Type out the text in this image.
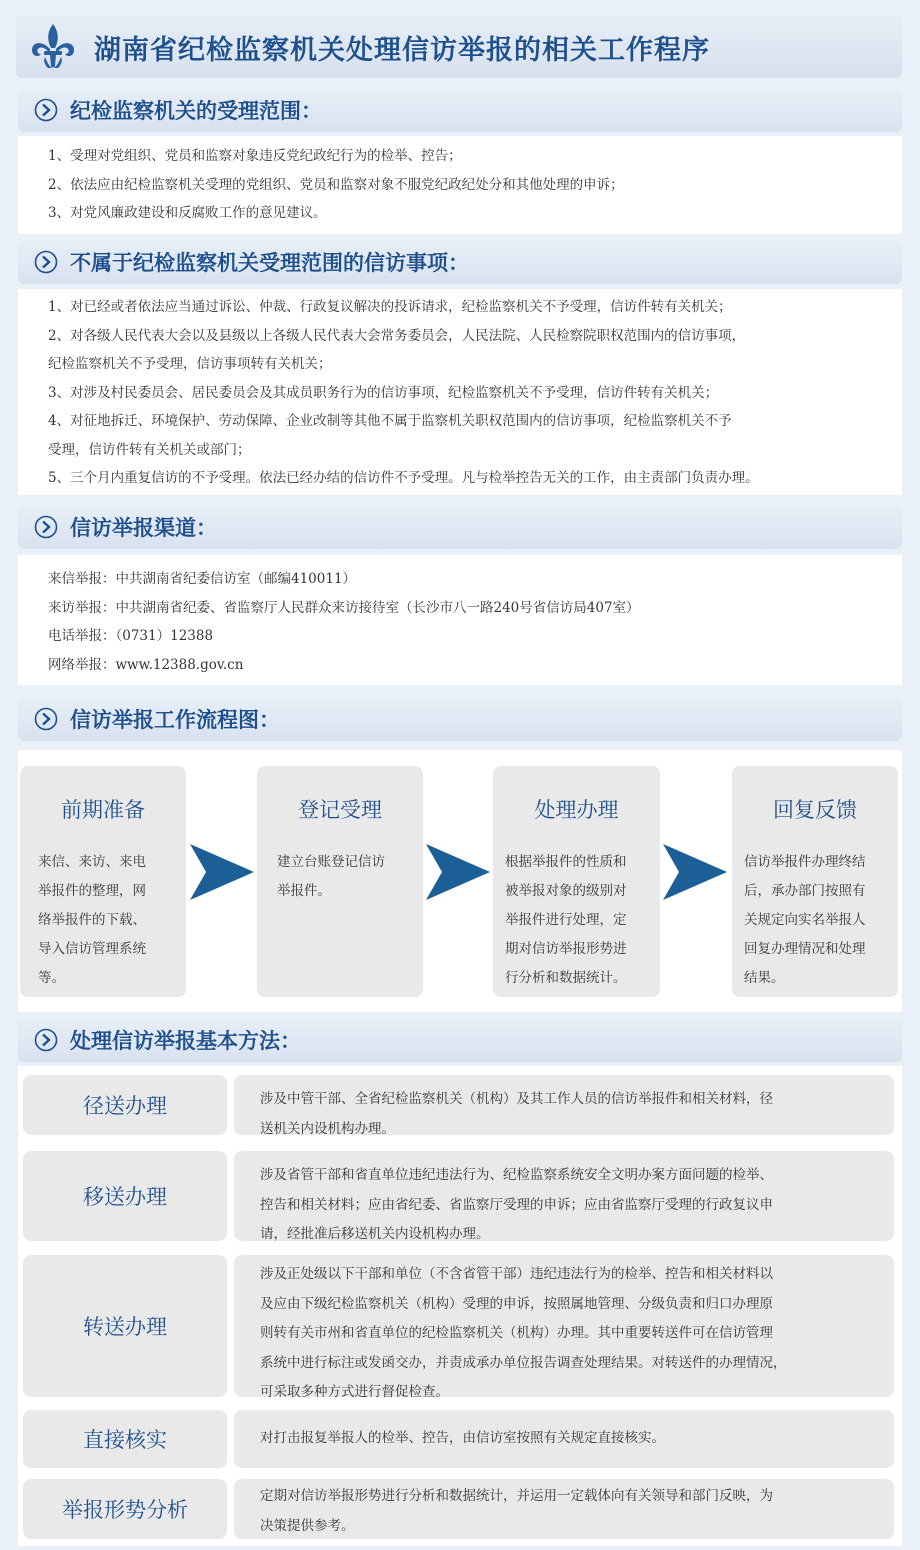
湖南省纪检监察机关处理信访举报的相关工作程序
纪检监察机关的受理范围：

1、受理对党组织、党员和监察对象违反党纪政纪行为的检举、控告；

2、依法应由纪检监察机关受理的党组织、党员和监察对象不服党纪政纪处分和其他处理的申诉；

3、对党风廉政建设和反腐败工作的意见建议。

不属于纪检监察机关受理范围的信访事项：

1、对已经或者依法应当通过诉讼、仲裁、行政复议解决的投诉请求，纪检监察机关不予受理，信访件转有关机关；

2、对各级人民代表大会以及县级以上各级人民代表大会常务委员会，人民法院、人民检察院职权范围内的信访事项，

纪检监察机关不予受理，信访事项转有关机关；

3、对涉及村民委员会、居民委员会及其成员职务行为的信访事项，纪检监察机关不予受理，信访件转有关机关；

4、对征地拆迁、环境保护、劳动保障、企业改制等其他不属于监察机关职权范围内的信访事项，纪检监察机关不予

受理，信访件转有关机关或部门；

5、三个月内重复信访的不予受理。依法已经办结的信访件不予受理。凡与检举控告无关的工作，由主责部门负责办理。

信访举报渠道：

来信举报：中共湖南省纪委信访室（邮编410011）

来访举报：中共湖南省纪委、省监察厅人民群众来访接待室（长沙市八一路240号省信访局407室）

电话举报：（0731）12388

网络举报：www.12388.gov.cn

信访举报工作流程图：
前期准备
来信、来访、来电
举报件的整理，网
络举报件的下载、
导入信访管理系统
等。
登记受理
建立台账登记信访
举报件。
处理办理
根据举报件的性质和
被举报对象的级别对
举报件进行处理，定
期对信访举报形势进
行分析和数据统计。
回复反馈
信访举报件办理终结
后，承办部门按照有
关规定向实名举报人
回复办理情况和处理
结果。
处理信访举报基本方法：
径送办理	涉及中管干部、全省纪检监察机关（机构）及其工作人员的信访举报件和相关材料，径
送机关内设机构办理。
移送办理
涉及省管干部和省直单位违纪违法行为、纪检监察系统安全文明办案方面问题的检举、
控告和相关材料；应由省纪委、省监察厅受理的申诉；应由省监察厅受理的行政复议申
请，经批准后移送机关内设机构办理。
转送办理
涉及正处级以下干部和单位（不含省管干部）违纪违法行为的检举、控告和相关材料以
及应由下级纪检监察机关（机构）受理的申诉，按照属地管理、分级负责和归口办理原
则转有关市州和省直单位的纪检监察机关（机构）办理。其中重要转送件可在信访管理
系统中进行标注或发函交办，并责成承办单位报告调查处理结果。对转送件的办理情况，
可采取多种方式进行督促检查。
直接核实	对打击报复举报人的检举、控告，由信访室按照有关规定直接核实。
举报形势分析
定期对信访举报形势进行分析和数据统计，并运用一定载体向有关领导和部门反映，为
决策提供参考。
